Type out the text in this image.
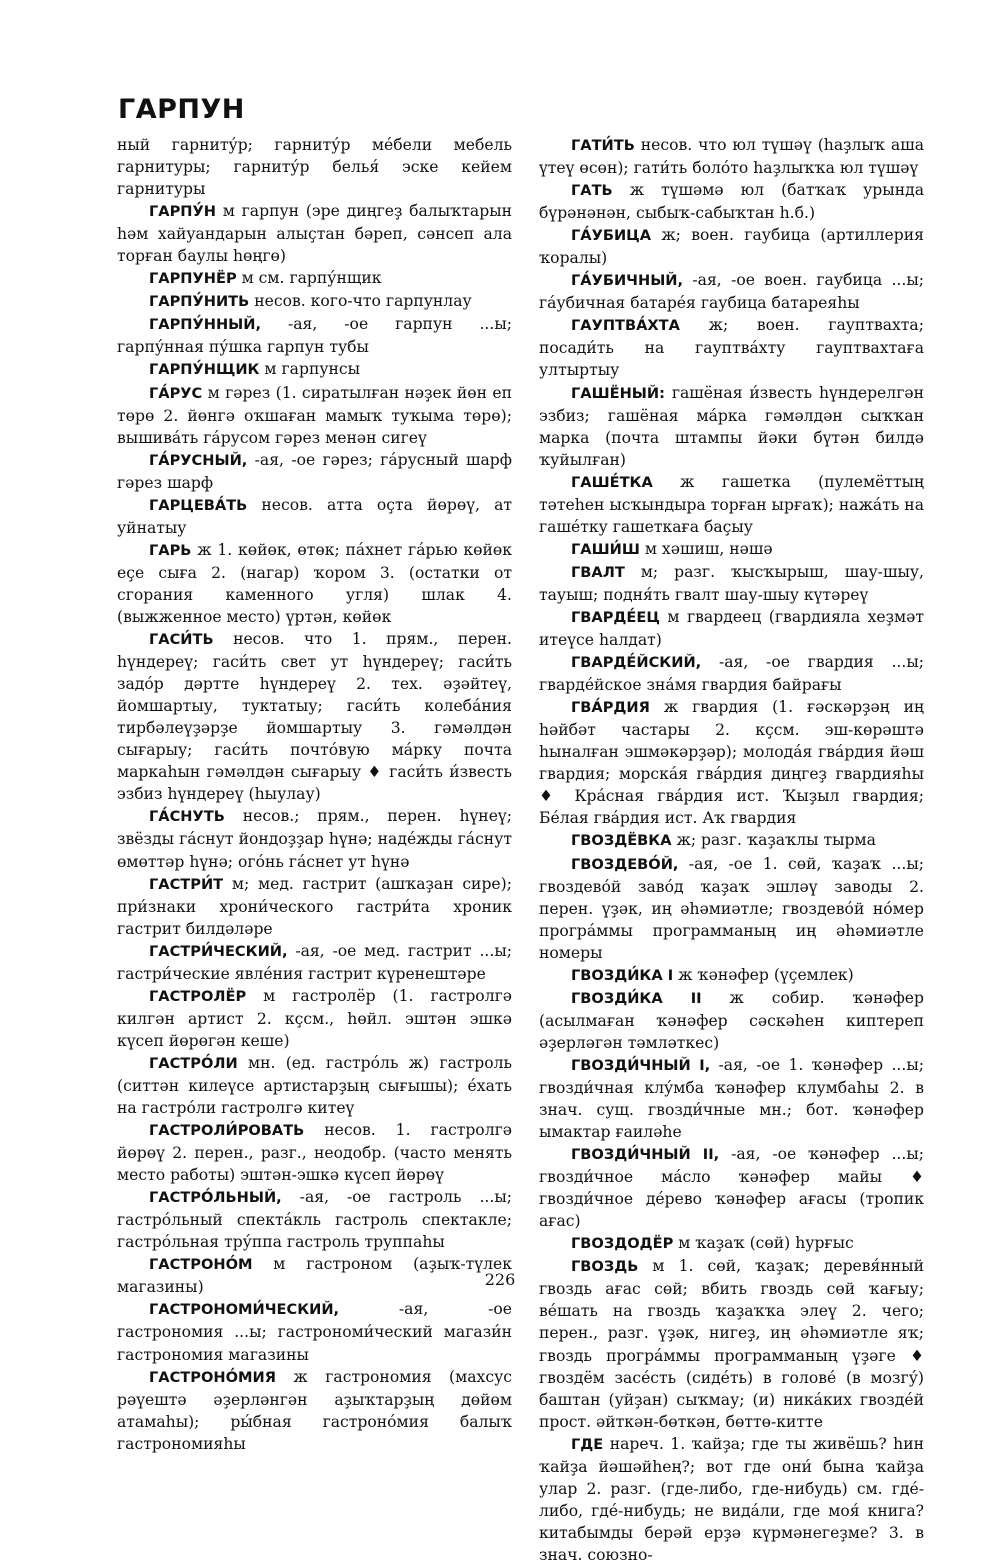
ГАРПУН

ный гарниту́р; гарниту́р ме́бели мебель гарнитуры; гарниту́р белья́ эске кейем гарнитуры

ГАРПУ́Н м гарпун (эре диңгеҙ балыҡтарын һәм хайуандарын алыҫтан бәреп, сәнсеп ала торған баулы һөңгө)

ГАРПУНЁР м см. гарпу́нщик

ГАРПУ́НИТЬ несов. кого-что гарпунлау

ГАРПУ́ННЫЙ, -ая, -ое гарпун ...ы; гарпу́нная пу́шка гарпун тубы

ГАРПУ́НЩИК м гарпунсы

ГА́РУС м гәрез (1. сиратылған нәҙек йөн еп төрө 2. йөнгә оҡшаған мамыҡ туҡыма төрө); вышива́ть га́русом гәрез менән сигеү

ГА́РУСНЫЙ, -ая, -ое гәрез; га́русный шарф гәрез шарф

ГАРЦЕВА́ТЬ несов. атта оҫта йөрөү, ат уйнатыу

ГАРЬ ж 1. көйөк, өтөк; па́хнет га́рью көйөк еҫе сыға 2. (нагар) ҡором 3. (остатки от сгорания каменного угля) шлак 4. (выжженное место) үртән, көйөк

ГАСИ́ТЬ несов. что 1. прям., перен. һүндереү; гаси́ть свет ут һүндереү; гаси́ть задо́р дәртте һүндереү 2. тех. әҙәйтеү, йомшартыу, туктатыу; гаси́ть колеба́ния тирбәлеүҙәрҙе йомшартыу 3. гәмәлдән сығарыу; гаси́ть почто́вую ма́рку почта маркаһын гәмәлдән сығарыу ♦ гаси́ть и́звесть эзбиз һүндереү (һыулау)

ГА́СНУТЬ несов.; прям., перен. һүнеү; звёзды га́снут йондоҙҙар һүнә; наде́жды га́снут өмөттәр һүнә; ого́нь га́снет ут һүнә

ГАСТРИ́Т м; мед. гастрит (ашҡаҙан сире); при́знаки хрони́ческого гастри́та хроник гастрит билдәләре

ГАСТРИ́ЧЕСКИЙ, -ая, -ое мед. гастрит ...ы; гастри́ческие явле́ния гастрит күренештәре

ГАСТРОЛЁР м гастролёр (1. гастролгә килгән артист 2. кҫсм., һөйл. эштән эшкә күсеп йөрөгән кеше)

ГАСТРО́ЛИ мн. (ед. гастро́ль ж) гастроль (ситтән килеүсе артистарҙың сығышы); е́хать на гастро́ли гастролгә китеү

ГАСТРОЛИ́РОВАТЬ несов. 1. гастролгә йөрөү 2. перен., разг., неодобр. (часто менять место работы) эштән-эшкә күсеп йөрөү

ГАСТРО́ЛЬНЫЙ, -ая, -ое гастроль ...ы; гастро́льный спекта́кль гастроль спектакле; гастро́льная тру́ппа гастроль труппаһы

ГАСТРОНО́М м гастроном (аҙыҡ-түлек магазины)

ГАСТРОНОМИ́ЧЕСКИЙ, -ая, -ое гастрономия ...ы; гастрономи́ческий магази́н гастрономия магазины

ГАСТРОНО́МИЯ ж гастрономия (махсус рәүештә әҙерләнгән аҙыҡтарҙың дөйөм атамаһы); ры́бная гастроно́мия балыҡ гастрономияһы

ГАТИ́ТЬ несов. что юл түшәү (һаҙлыҡ аша үтеү өсөн); гати́ть боло́то һаҙлыҡҡа юл түшәү

ГАТЬ ж түшәмә юл (батҡаҡ урында бүрәнәнән, сыбыҡ-сабыҡтан һ.б.)

ГА́УБИЦА ж; воен. гаубица (артиллерия ҡоралы)

ГА́УБИЧНЫЙ, -ая, -ое воен. гаубица ...ы; га́убичная батаре́я гаубица батареяһы

ГАУПТВА́ХТА ж; воен. гауптвахта; посади́ть на гауптва́хту гауптвахтаға ултыртыу

ГАШЁНЫЙ: гашёная и́звесть һүндерелгән эзбиз; гашёная ма́рка гәмәлдән сыҡҡан марка (почта штампы йәки бүтән билдә ҡуйылған)

ГАШЕ́ТКА ж гашетка (пулемёттың тәтеһен ысҡындыра торған ырғаҡ); нажа́ть на гаше́тку гашеткаға баҫыу

ГАШИ́Ш м хәшиш, нәшә

ГВАЛТ м; разг. ҡысҡырыш, шау-шыу, тауыш; подня́ть гвалт шау-шыу күтәреү

ГВАРДЕ́ЕЦ м гвардеец (гвардияла хеҙмәт итеүсе һалдат)

ГВАРДЕ́ЙСКИЙ, -ая, -ое гвардия ...ы; гварде́йское зна́мя гвардия байрағы

ГВА́РДИЯ ж гвардия (1. ғәскәрҙәң иң һәйбәт частары 2. кҫсм. эш-көрәштә һыналған эшмәкәрҙәр); молода́я гва́рдия йәш гвардия; морска́я гва́рдия диңгеҙ гвардияһы ♦ Кра́сная гва́рдия ист. Ҡыҙыл гвардия; Бе́лая гва́рдия ист. Аҡ гвардия

ГВОЗДЁВКА ж; разг. ҡаҙаҡлы тырма

ГВОЗДЕВО́Й, -ая, -ое 1. сөй, ҡаҙаҡ ...ы; гвоздево́й заво́д ҡаҙаҡ эшләү заводы 2. перен. үҙәк, иң әһәмиәтле; гвоздево́й но́мер програ́ммы программаның иң әһәмиәтле номеры

ГВОЗДИ́КА I ж ҡәнәфер (үҫемлек)

ГВОЗДИ́КА II ж собир. ҡәнәфер (асылмаған ҡәнәфер сәскәһен киптереп әҙерләгән тәмләткес)

ГВОЗДИ́ЧНЫЙ I, -ая, -ое 1. ҡәнәфер ...ы; гвозди́чная клу́мба ҡәнәфер клумбаһы 2. в знач. сущ. гвозди́чные мн.; бот. ҡәнәфер ымактар ғаиләһе

ГВОЗДИ́ЧНЫЙ II, -ая, -ое ҡәнәфер ...ы; гвозди́чное ма́сло ҡәнәфер майы ♦ гвозди́чное де́рево ҡәнәфер ағасы (тропик ағас)

ГВОЗДОДЁР м ҡаҙаҡ (сөй) һурғыс

ГВОЗДЬ м 1. сөй, ҡаҙаҡ; деревя́нный гвоздь ағас сөй; вбить гвоздь сөй ҡағыу; ве́шать на гвоздь ҡаҙаҡҡа элеү 2. чего; перен., разг. үҙәк, нигеҙ, иң әһәмиәтле яҡ; гвоздь програ́ммы программаның үҙәге ♦ гвоздём засе́сть (сиде́ть) в голове́ (в мозгу́) баштан (уйҙан) сыҡмау; (и) ника́ких гвозде́й прост. әйткән-бөткән, бөттө-китте

ГДЕ нареч. 1. ҡайҙа; где ты живёшь? һин ҡайҙа йәшәйһең?; вот где они́ бына ҡайҙа улар 2. разг. (где-либо, где-нибудь) см. где́-либо, где́-нибудь; не вида́ли, где моя́ книга? китабымды берәй ерҙә күрмәнегеҙме? 3. в знач. союзно-

226
